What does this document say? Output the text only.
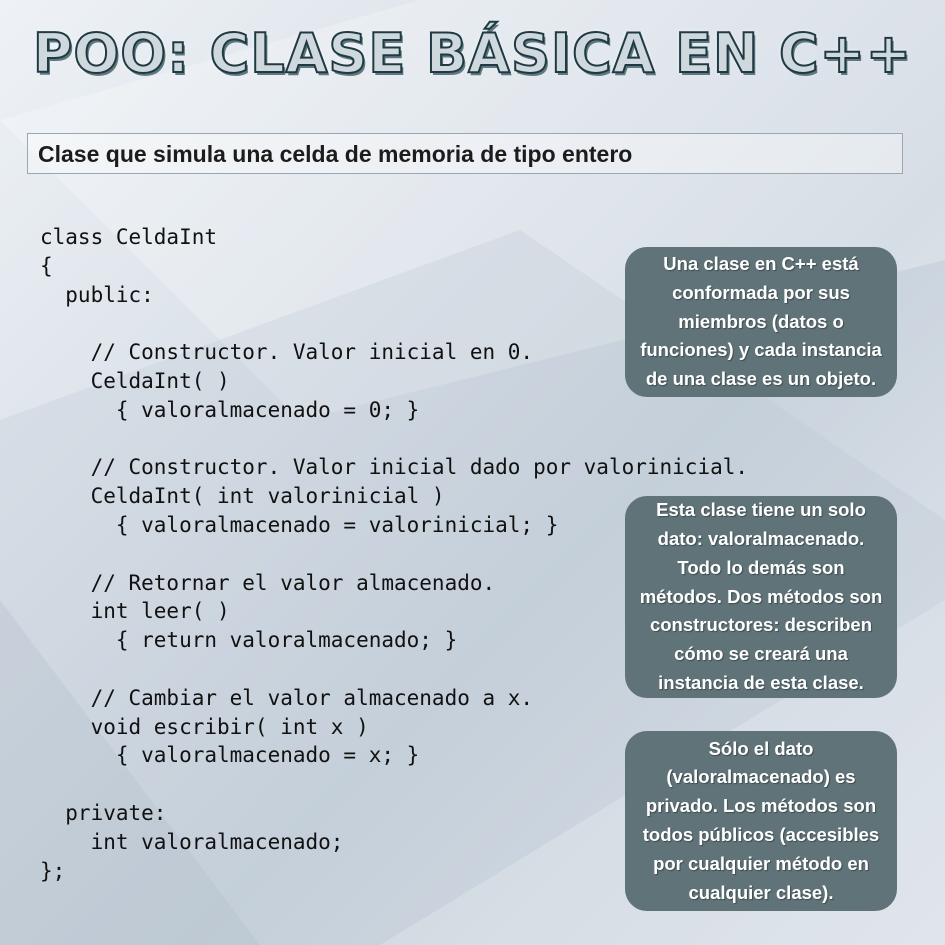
POO: CLASE BÁSICA EN C++
Clase que simula una celda de memoria de tipo entero
class CeldaInt
{
public:
// Constructor. Valor inicial en 0.
CeldaInt( )
{ valoralmacenado = 0; }
// Constructor. Valor inicial dado por valorinicial.
CeldaInt( int valorinicial )
{ valoralmacenado = valorinicial; }
// Retornar el valor almacenado.
int leer( )
{ return valoralmacenado; }
// Cambiar el valor almacenado a x.
void escribir( int x )
{ valoralmacenado = x; }
private:
int valoralmacenado;
};
Una clase en C++ está conformada por sus miembros (datos o funciones) y cada instancia de una clase es un objeto.
Esta clase tiene un solo dato: valoralmacenado. Todo lo demás son métodos. Dos métodos son constructores: describen cómo se creará una instancia de esta clase.
Sólo el dato (valoralmacenado) es privado. Los métodos son todos públicos (accesibles por cualquier método en cualquier clase).
